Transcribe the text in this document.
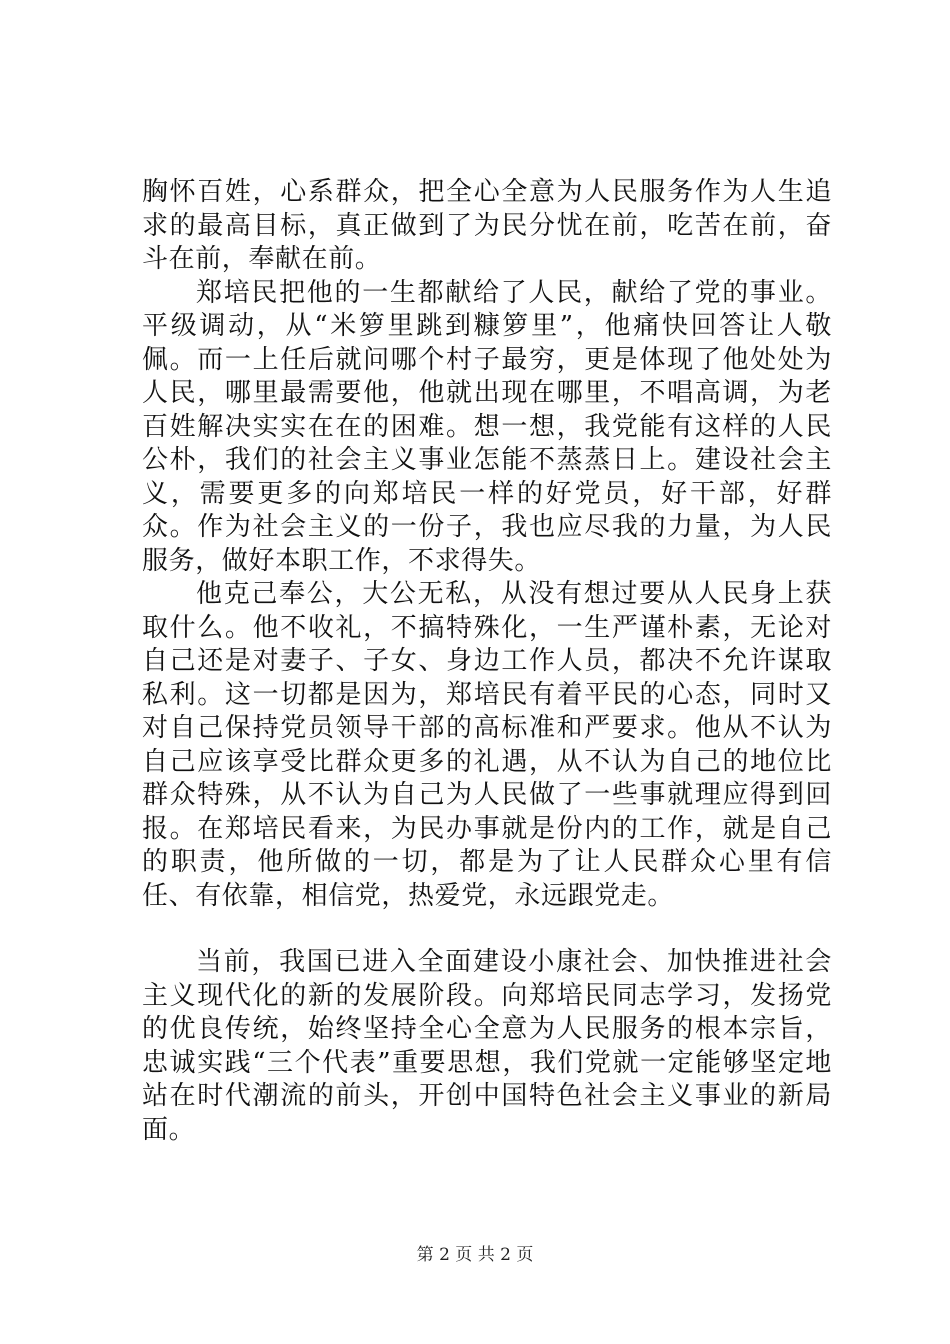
胸怀百姓，心系群众，把全心全意为人民服务作为人生追求的最高目标，真正做到了为民分忧在前，吃苦在前，奋斗在前，奉献在前。

郑培民把他的一生都献给了人民，献给了党的事业。平级调动，从“米箩里跳到糠箩里”，他痛快回答让人敬佩。而一上任后就问哪个村子最穷，更是体现了他处处为人民，哪里最需要他，他就出现在哪里，不唱高调，为老百姓解决实实在在的困难。想一想，我党能有这样的人民公朴，我们的社会主义事业怎能不蒸蒸日上。建设社会主义，需要更多的向郑培民一样的好党员，好干部，好群众。作为社会主义的一份子，我也应尽我的力量，为人民服务，做好本职工作，不求得失。

他克己奉公，大公无私，从没有想过要从人民身上获取什么。他不收礼，不搞特殊化，一生严谨朴素，无论对自己还是对妻子、子女、身边工作人员，都决不允许谋取私利。这一切都是因为，郑培民有着平民的心态，同时又对自己保持党员领导干部的高标准和严要求。他从不认为自己应该享受比群众更多的礼遇，从不认为自己的地位比群众特殊，从不认为自己为人民做了一些事就理应得到回报。在郑培民看来，为民办事就是份内的工作，就是自己的职责，他所做的一切，都是为了让人民群众心里有信任、有依靠，相信党，热爱党，永远跟党走。

当前，我国已进入全面建设小康社会、加快推进社会主义现代化的新的发展阶段。向郑培民同志学习，发扬党的优良传统，始终坚持全心全意为人民服务的根本宗旨，忠诚实践“三个代表”重要思想，我们党就一定能够坚定地站在时代潮流的前头，开创中国特色社会主义事业的新局面。

第 2 页 共 2 页
